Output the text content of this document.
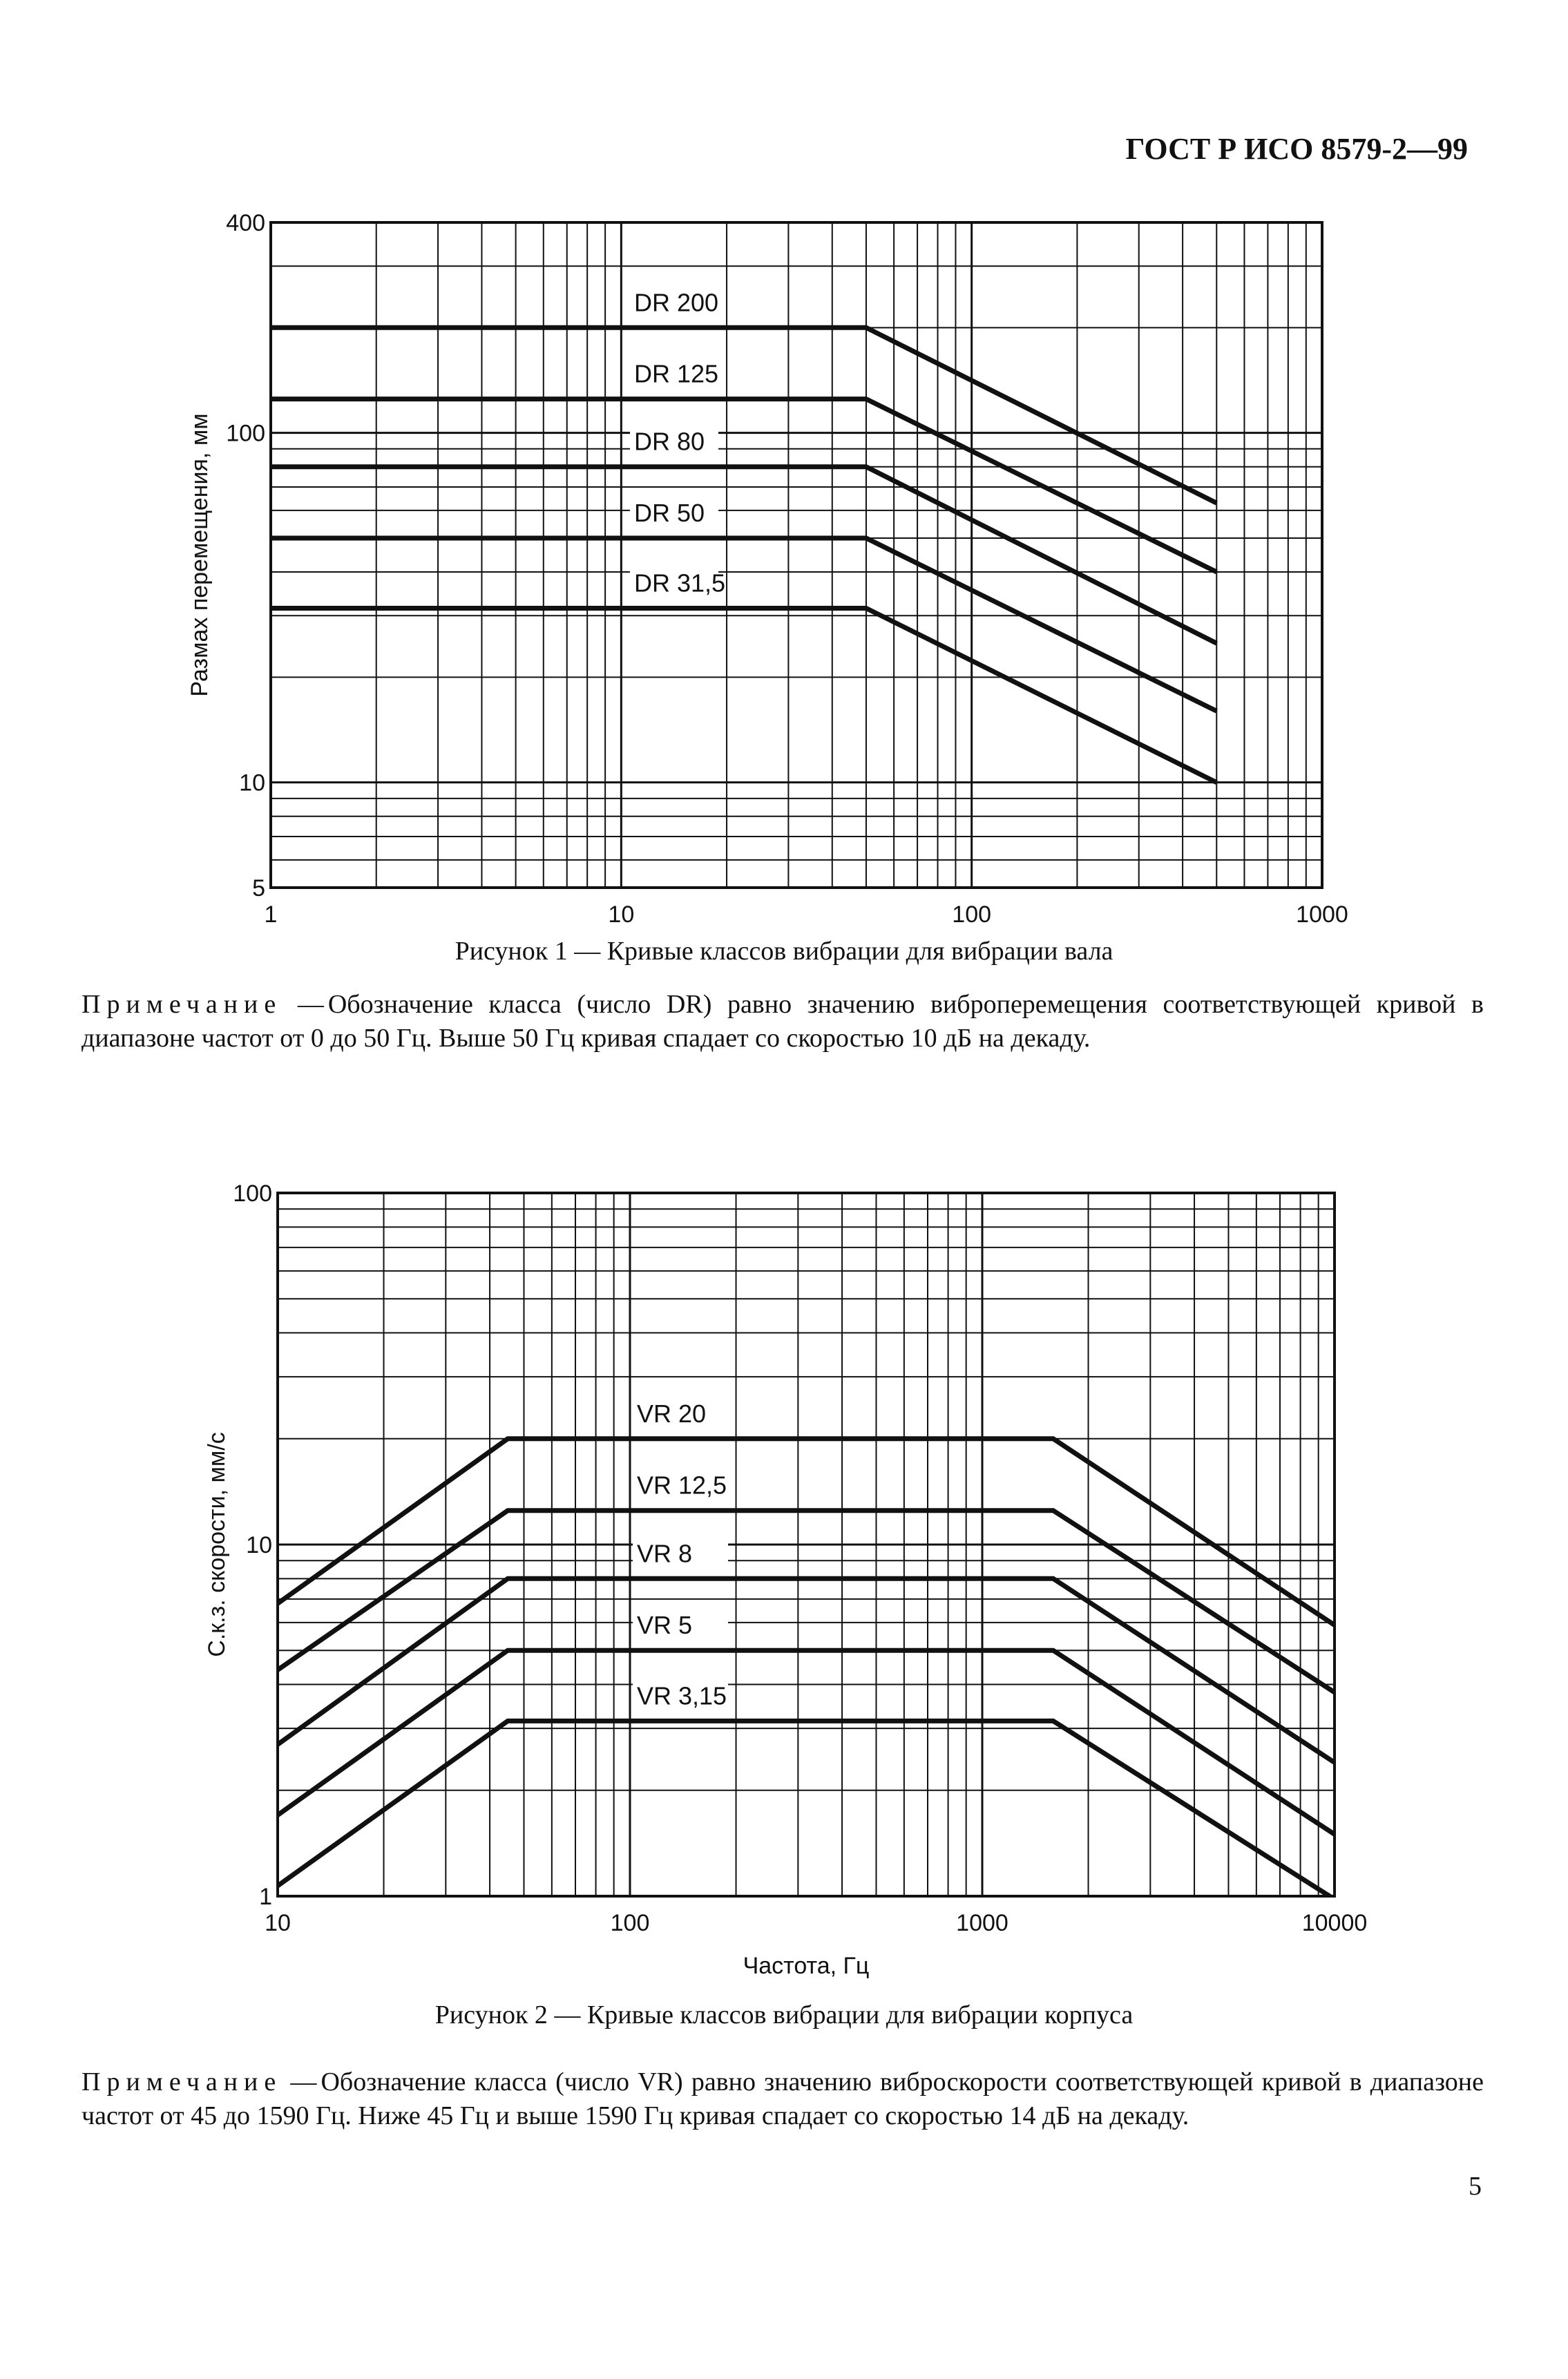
ГОСТ Р ИСО 8579-2—99
DR 200
DR 125
DR 80
DR 50
DR 31,5
1	10	100	1000
5
10
100
400
Размах перемещения, мм
Рисунок 1 — Кривые классов вибрации для вибрации вала
Примечание — Обозначение класса (число DR) равно значению виброперемещения соответствующей кривой в диапазоне частот от 0 до 50 Гц. Выше 50 Гц кривая спадает со скоростью 10 дБ на декаду.
VR 20
VR 12,5
VR 8
VR 5
VR 3,15
10	100	1000	10000
1
10
100
С.к.з. скорости, мм/с
Частота, Гц
Рисунок 2 — Кривые классов вибрации для вибрации корпуса
Примечание — Обозначение класса (число VR) равно значению виброскорости соответствующей кривой в диапазоне частот от 45 до 1590 Гц. Ниже 45 Гц и выше 1590 Гц кривая спадает со скоростью 14 дБ на декаду.
5
